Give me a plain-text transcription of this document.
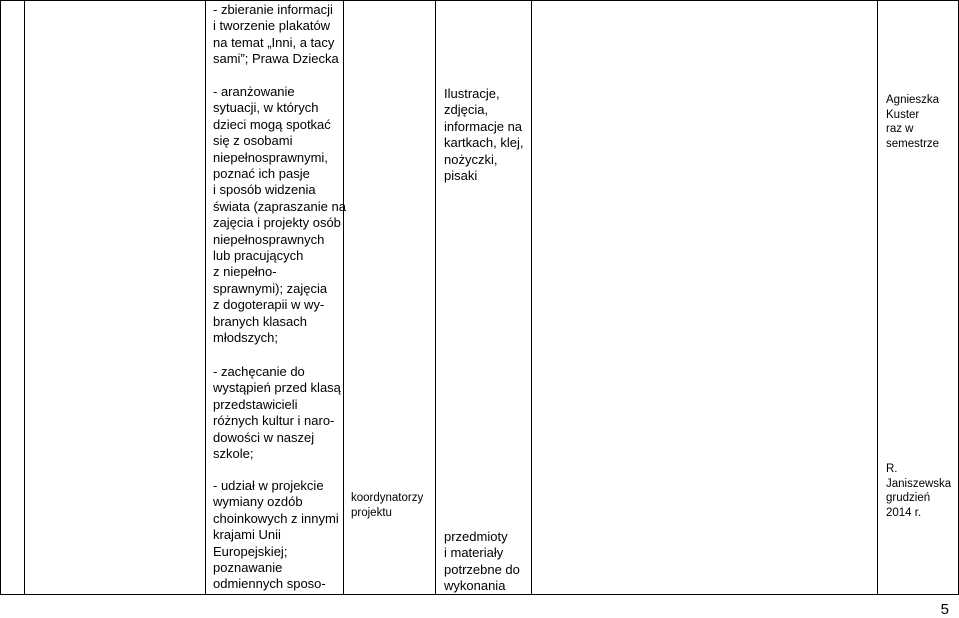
- zbieranie informacji
i tworzenie plakatów
na temat „Inni, a tacy
sami”; Prawa Dziecka
- aranżowanie
sytuacji, w których
dzieci mogą spotkać
się z osobami
niepełnosprawnymi,
poznać ich pasje
i sposób widzenia
świata (zapraszanie na
zajęcia i projekty osób
niepełnosprawnych
lub pracujących
z niepełno-
sprawnymi); zajęcia
z dogoterapii w wy-
branych klasach
młodszych;
- zachęcanie do
wystąpień przed klasą
przedstawicieli
różnych kultur i naro-
dowości w naszej
szkole;
- udział w projekcie
wymiany ozdób
choinkowych z innymi
krajami Unii
Europejskiej;
poznawanie
odmiennych sposo-
koordynatorzy
projektu
Ilustracje,
zdjęcia,
informacje na
kartkach, klej,
nożyczki,
pisaki
przedmioty
i materiały
potrzebne do
wykonania
Agnieszka
Kuster
raz w
semestrze
R.
Janiszewska
grudzień
2014 r.
5
